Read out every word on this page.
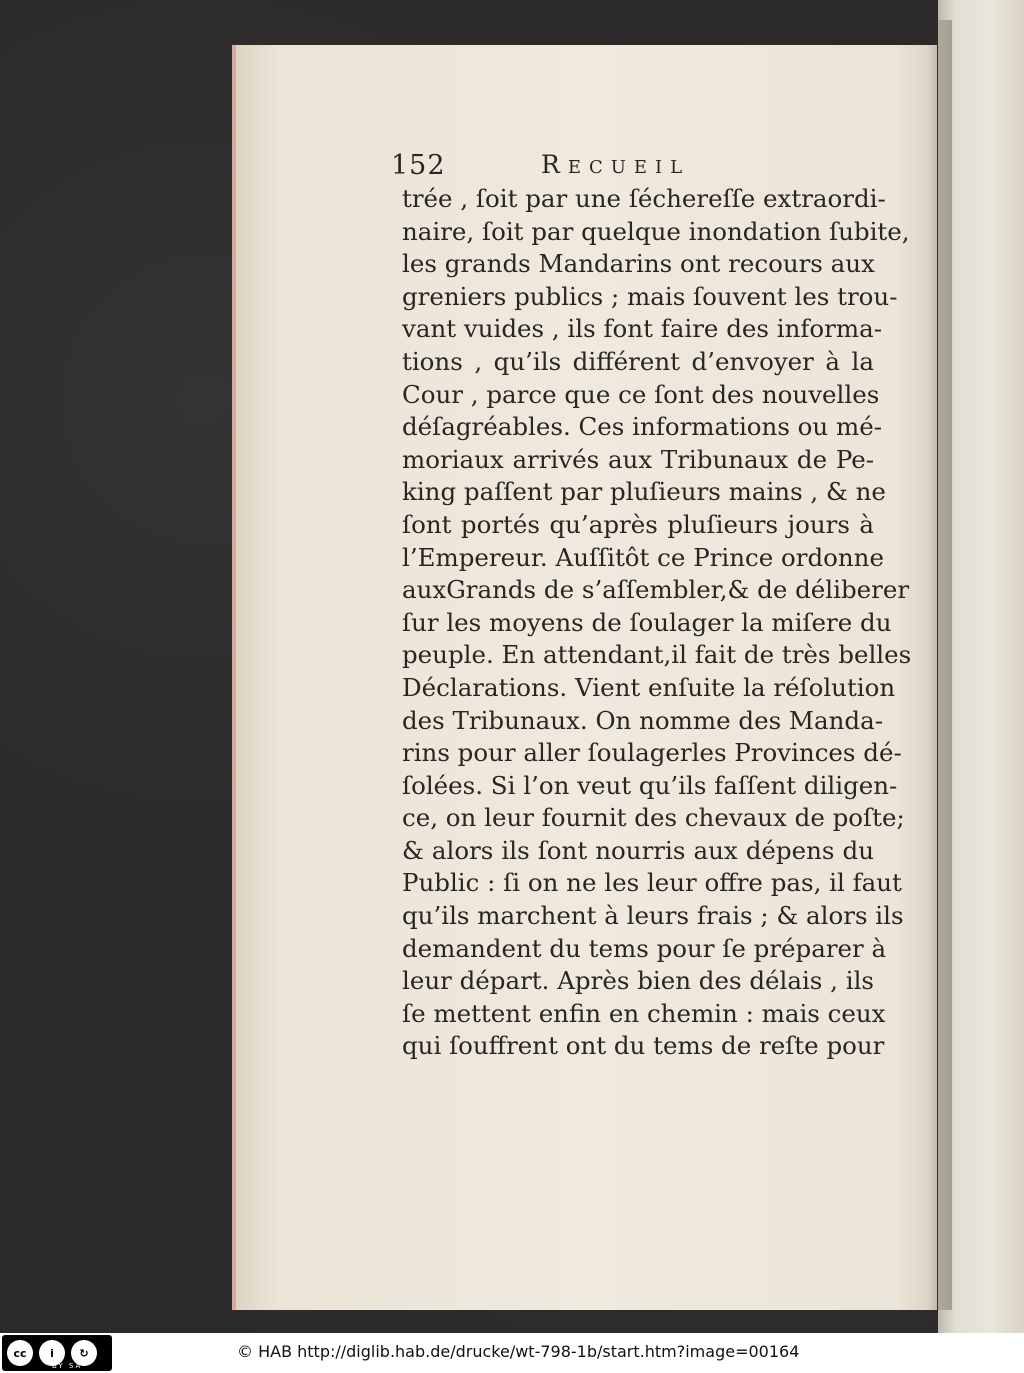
152	Recueil
trée , ſoit par une ſéchereſſe extraordi-
naire, ſoit par quelque inondation ſubite,
les grands Mandarins ont recours aux
greniers publics ; mais ſouvent les trou-
vant vuides , ils font faire des informa-
tions , qu’ils différent d’envoyer à la
Cour , parce que ce ſont des nouvelles
déſagréables. Ces informations ou mé-
moriaux arrivés aux Tribunaux de Pe-
king paſſent par pluſieurs mains , & ne
ſont portés qu’après pluſieurs jours à
l’Empereur. Auſſitôt ce Prince ordonne
auxGrands de s’aſſembler,& de déliberer
ſur les moyens de ſoulager la miſere du
peuple. En attendant,il fait de très belles
Déclarations. Vient enſuite la réſolution
des Tribunaux. On nomme des Manda-
rins pour aller ſoulagerles Provinces dé-
ſolées. Si l’on veut qu’ils faſſent diligen-
ce, on leur fournit des chevaux de poſte;
& alors ils ſont nourris aux dépens du
Public : ſi on ne les leur offre pas, il faut
qu’ils marchent à leurs frais ; & alors ils
demandent du tems pour ſe préparer à
leur départ. Après bien des délais , ils
ſe mettent enfin en chemin : mais ceux
qui ſouffrent ont du tems de reſte pour
cc	i	↻
BY SA
© HAB http://diglib.hab.de/drucke/wt-798-1b/start.htm?image=00164
